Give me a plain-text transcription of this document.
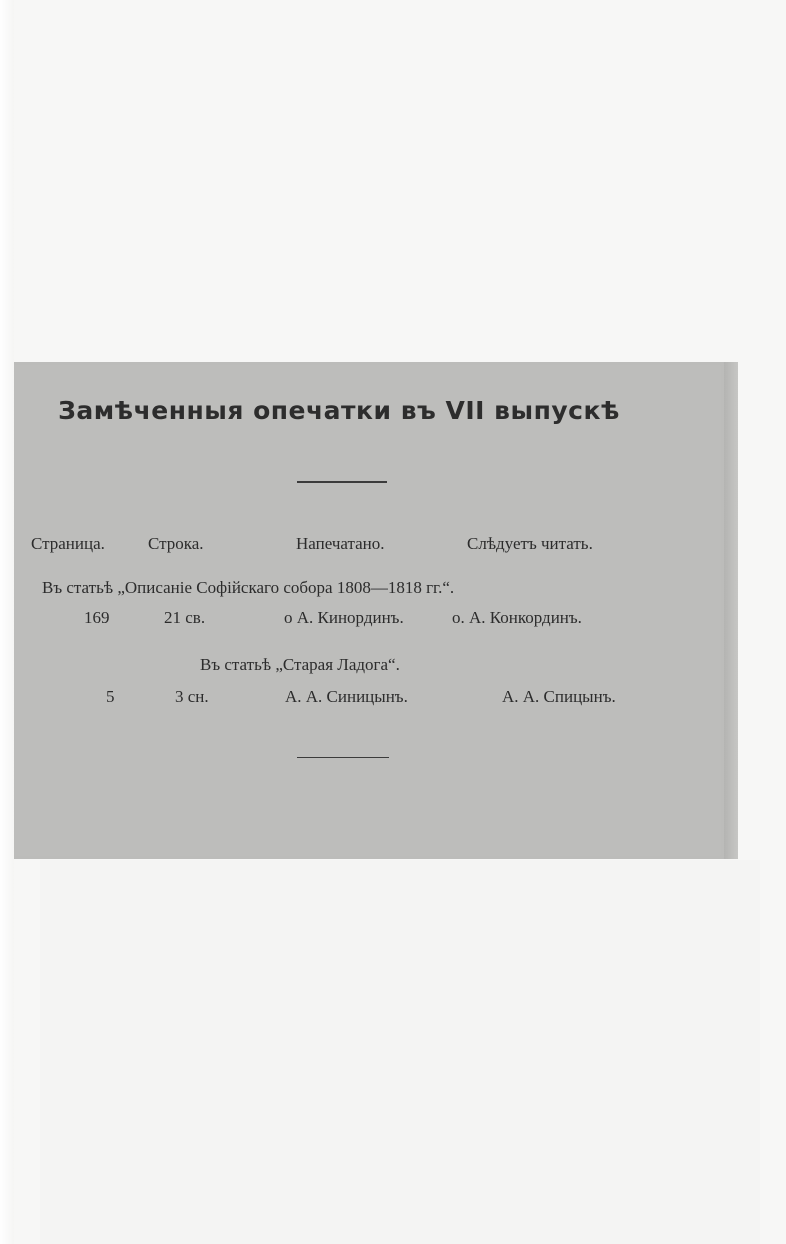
Замѣченныя опечатки въ VII выпускѣ
Страница.	Строка.	Напечатано.	Слѣдуетъ читать.
Въ статьѣ „Описаніе Софійскаго собора 1808—1818 гг.“.
169	21 св.	о А. Кинординъ.	о. А. Конкординъ.
Въ статьѣ „Старая Ладога“.
5	3 сн.	А. А. Синицынъ.	А. А. Спицынъ.
